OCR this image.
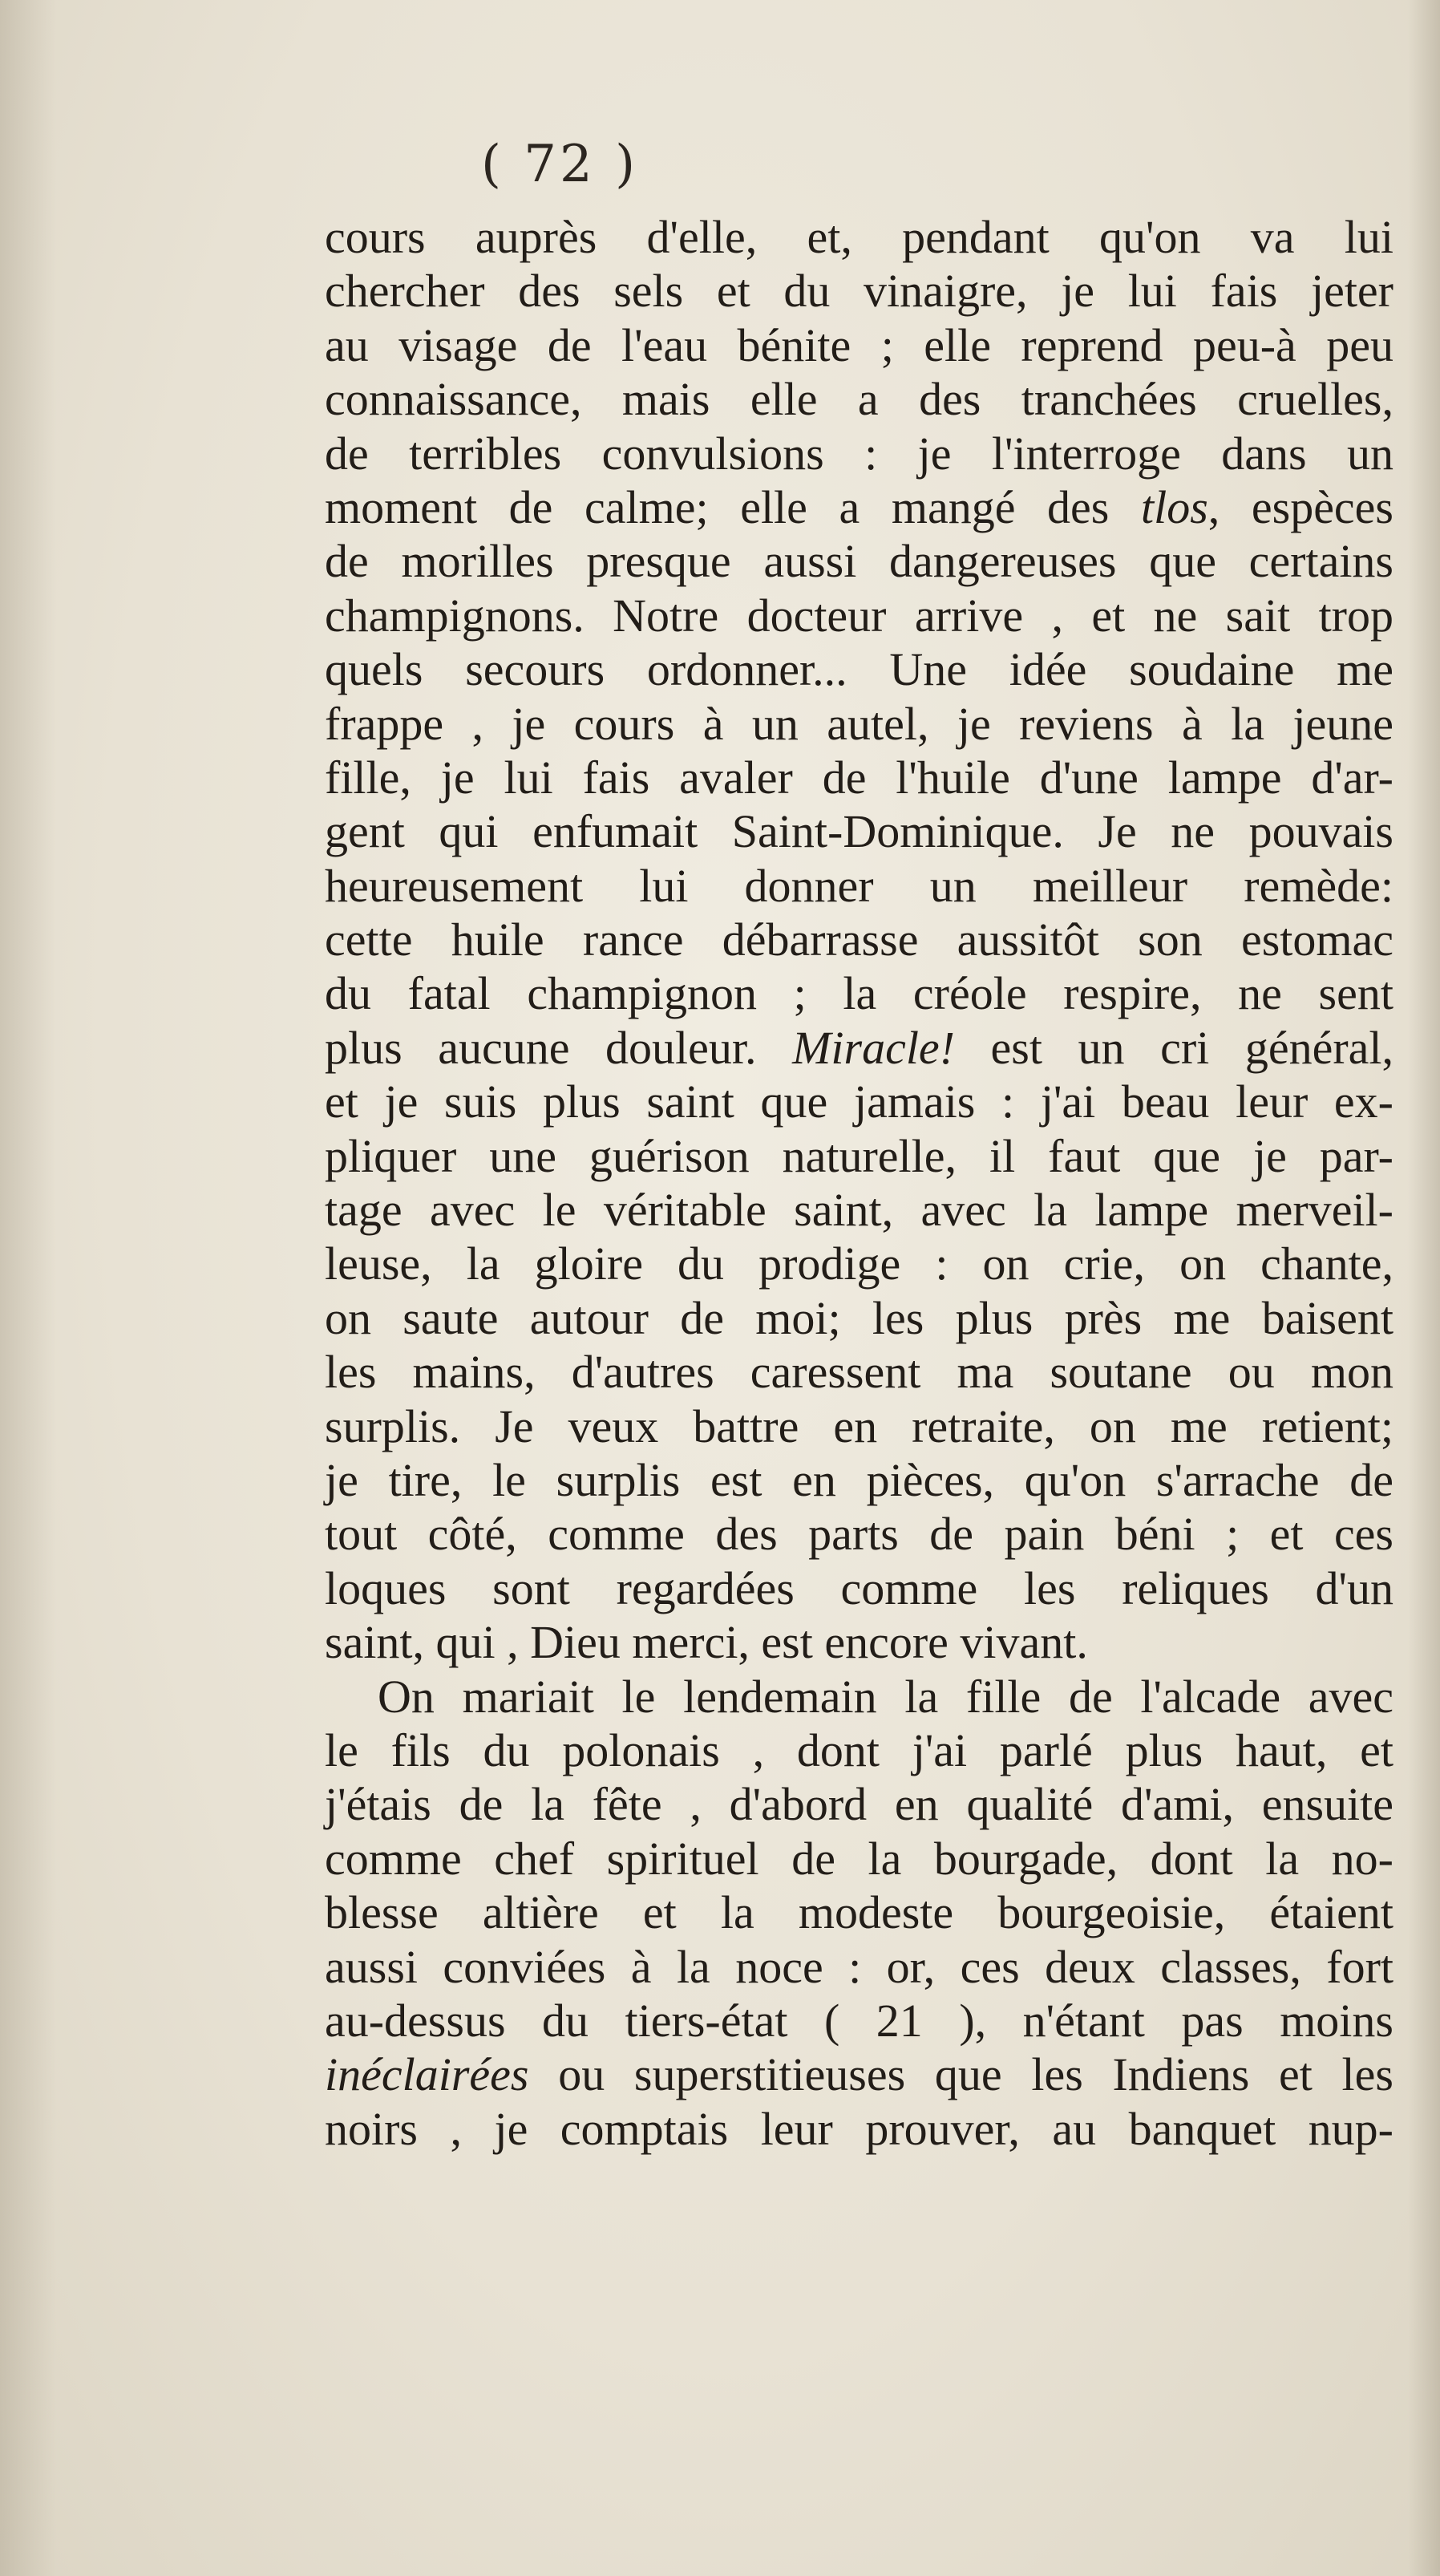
( 72 )
cours auprès d'elle, et, pendant qu'on va lui
chercher des sels et du vinaigre, je lui fais jeter
au visage de l'eau bénite ; elle reprend peu-à peu
connaissance, mais elle a des tranchées cruelles,
de terribles convulsions : je l'interroge dans un
moment de calme; elle a mangé des tlos, espèces
de morilles presque aussi dangereuses que certains
champignons. Notre docteur arrive , et ne sait trop
quels secours ordonner... Une idée soudaine me
frappe , je cours à un autel, je reviens à la jeune
fille, je lui fais avaler de l'huile d'une lampe d'ar-
gent qui enfumait Saint-Dominique. Je ne pouvais
heureusement lui donner un meilleur remède:
cette huile rance débarrasse aussitôt son estomac
du fatal champignon ; la créole respire, ne sent
plus aucune douleur. Miracle! est un cri général,
et je suis plus saint que jamais : j'ai beau leur ex-
pliquer une guérison naturelle, il faut que je par-
tage avec le véritable saint, avec la lampe merveil-
leuse, la gloire du prodige : on crie, on chante,
on saute autour de moi; les plus près me baisent
les mains, d'autres caressent ma soutane ou mon
surplis. Je veux battre en retraite, on me retient;
je tire, le surplis est en pièces, qu'on s'arrache de
tout côté, comme des parts de pain béni ; et ces
loques sont regardées comme les reliques d'un
saint, qui , Dieu merci, est encore vivant.
On mariait le lendemain la fille de l'alcade avec
le fils du polonais , dont j'ai parlé plus haut, et
j'étais de la fête , d'abord en qualité d'ami, ensuite
comme chef spirituel de la bourgade, dont la no-
blesse altière et la modeste bourgeoisie, étaient
aussi conviées à la noce : or, ces deux classes, fort
au-dessus du tiers-état ( 21 ), n'étant pas moins
inéclairées ou superstitieuses que les Indiens et les
noirs , je comptais leur prouver, au banquet nup-
